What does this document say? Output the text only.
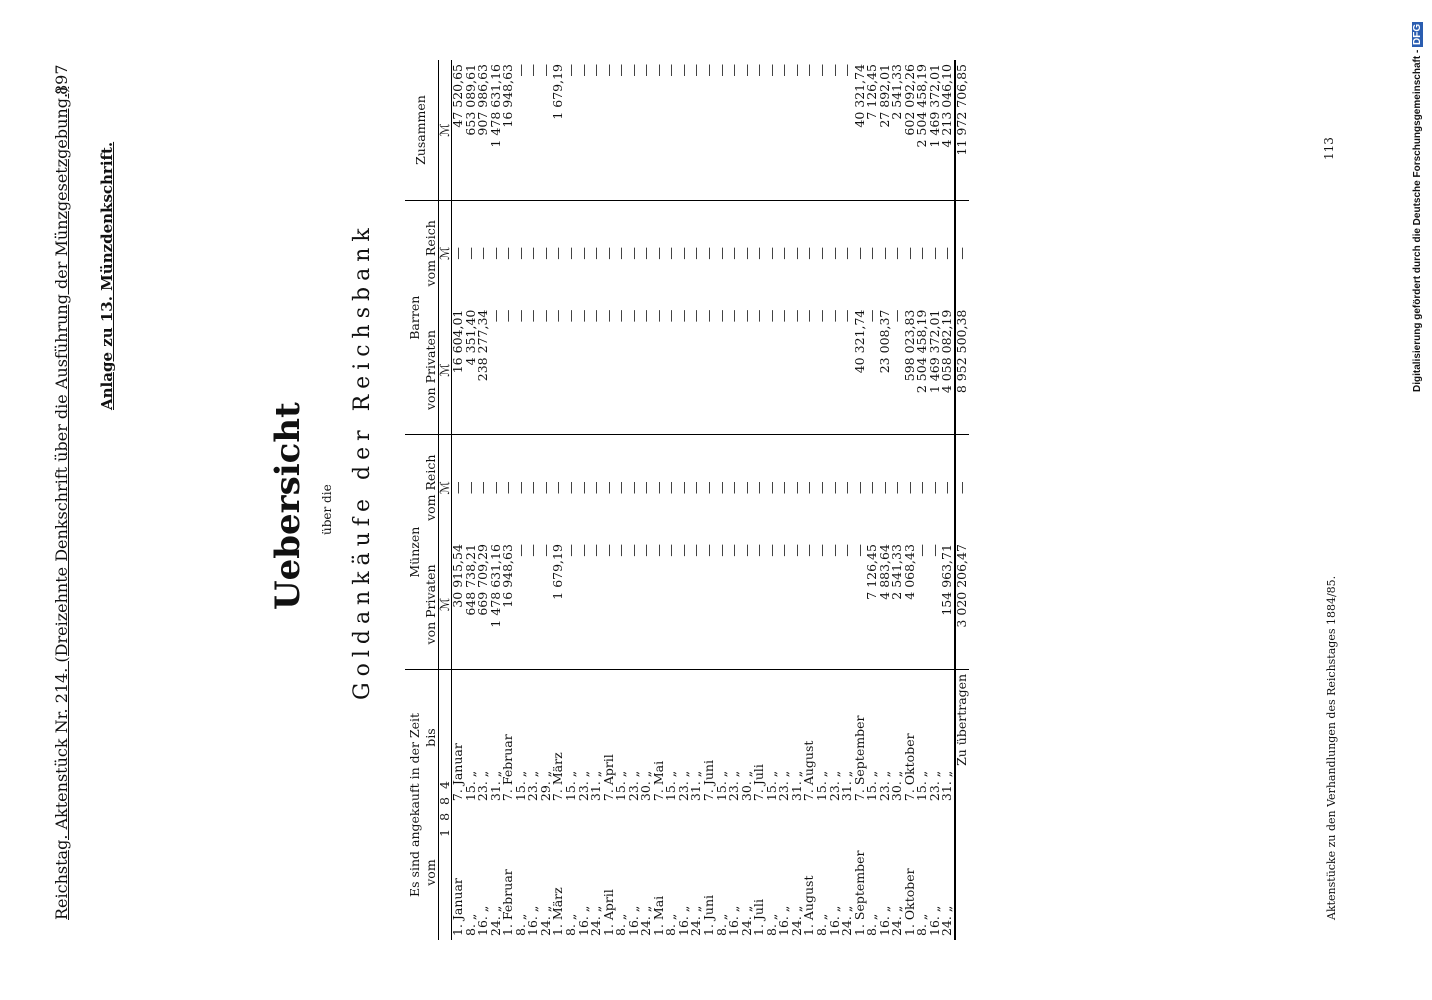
Reichstag. Aktenstück Nr. 214. (Dreizehnte Denkschrift über die Ausführung der Münzgesetzgebung.)
897
Anlage zu 13. Münzdenkschrift.
Uebersicht über die Goldankäufe der Reichsbank
Es sind angekauft in der Zeit		Münzen		Barren		Zusammen
vom	bis	von Privaten	vom Reich	von Privaten	vom Reich	
1884		ℳ	ℳ	ℳ	ℳ	ℳ
1. Januar	7. Januar	30 915,54	—	16 604,01	—	47 520,65
8. „	15. „	648 738,21	—	4 351,40	—	653 089,61
16. „	23. „	669 709,29	—	238 277,34	—	907 986,63
24. „	31. „	1 478 631,16	—	—	—	1 478 631,16
1. Februar	7. Februar	16 948,63	—	—	—	16 948,63
8. „	15. „	—	—	—	—	—
16. „	23. „	—	—	—	—	—
24. „	29. „	—	—	—	—	—
1. März	7. März	1 679,19	—	—	—	1 679,19
8. „	15. „	—	—	—	—	—
16. „	23. „	—	—	—	—	—
24. „	31. „	—	—	—	—	—
1. April	7. April	—	—	—	—	—
8. „	15. „	—	—	—	—	—
16. „	23. „	—	—	—	—	—
24. „	30. „	—	—	—	—	—
1. Mai	7. Mai	—	—	—	—	—
8. „	15. „	—	—	—	—	—
16. „	23. „	—	—	—	—	—
24. „	31. „	—	—	—	—	—
1. Juni	7. Juni	—	—	—	—	—
8. „	15. „	—	—	—	—	—
16. „	23. „	—	—	—	—	—
24. „	30. „	—	—	—	—	—
1. Juli	7. Juli	—	—	—	—	—
8. „	15. „	—	—	—	—	—
16. „	23. „	—	—	—	—	—
24. „	31. „	—	—	—	—	—
1. August	7. August	—	—	—	—	—
8. „	15. „	—	—	—	—	—
16. „	23. „	—	—	—	—	—
24. „	31. „	—	—	—	—	—
1. September	7. September	—	—	40 321,74	—	40 321,74
8. „	15. „	7 126,45	—	—	—	7 126,45
16. „	23. „	4 883,64	—	23 008,37	—	27 892,01
24. „	30. „	2 541,33	—	—	—	2 541,33
1. Oktober	7. Oktober	4 068,43	—	598 023,83	—	602 092,26
8. „	15. „	—	—	2 504 458,19	—	2 504 458,19
16. „	23. „	—	—	1 469 372,01	—	1 469 372,01
24. „	31. „	154 963,71	—	4 058 082,19	—	4 213 046,10
Zu übertragen		3 020 206,47	—	8 952 500,38	—	11 972 706,85
Aktenstücke zu den Verhandlungen des Reichstages 1884/85.
113	Digitalisierung gefördert durch die Deutsche Forschungsgemeinschaft - DFG
